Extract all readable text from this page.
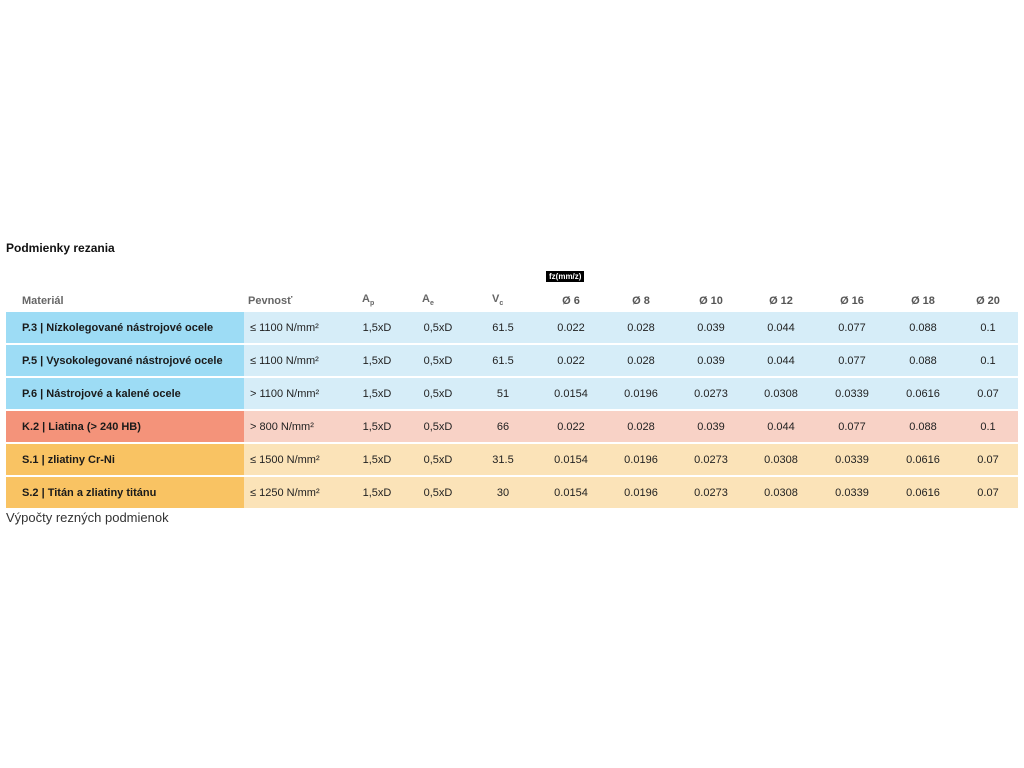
Podmienky rezania
fz(mm/z)
Materiál	Pevnosť	$A_p$	$A_e$	$V_c$	Ø 6	Ø 8	Ø 10	Ø 12	Ø 16	Ø 18	Ø 20
P.3 | Nízkolegované nástrojové ocele	≤ 1100 N/mm²	1,5xD	0,5xD	61.5	0.022	0.028	0.039	0.044	0.077	0.088	0.1
P.5 | Vysokolegované nástrojové ocele	≤ 1100 N/mm²	1,5xD	0,5xD	61.5	0.022	0.028	0.039	0.044	0.077	0.088	0.1
P.6 | Nástrojové a kalené ocele	> 1100 N/mm²	1,5xD	0,5xD	51	0.0154	0.0196	0.0273	0.0308	0.0339	0.0616	0.07
K.2 | Liatina (> 240 HB)	> 800 N/mm²	1,5xD	0,5xD	66	0.022	0.028	0.039	0.044	0.077	0.088	0.1
S.1 | zliatiny Cr-Ni	≤ 1500 N/mm²	1,5xD	0,5xD	31.5	0.0154	0.0196	0.0273	0.0308	0.0339	0.0616	0.07
S.2 | Titán a zliatiny titánu	≤ 1250 N/mm²	1,5xD	0,5xD	30	0.0154	0.0196	0.0273	0.0308	0.0339	0.0616	0.07
Výpočty rezných podmienok
